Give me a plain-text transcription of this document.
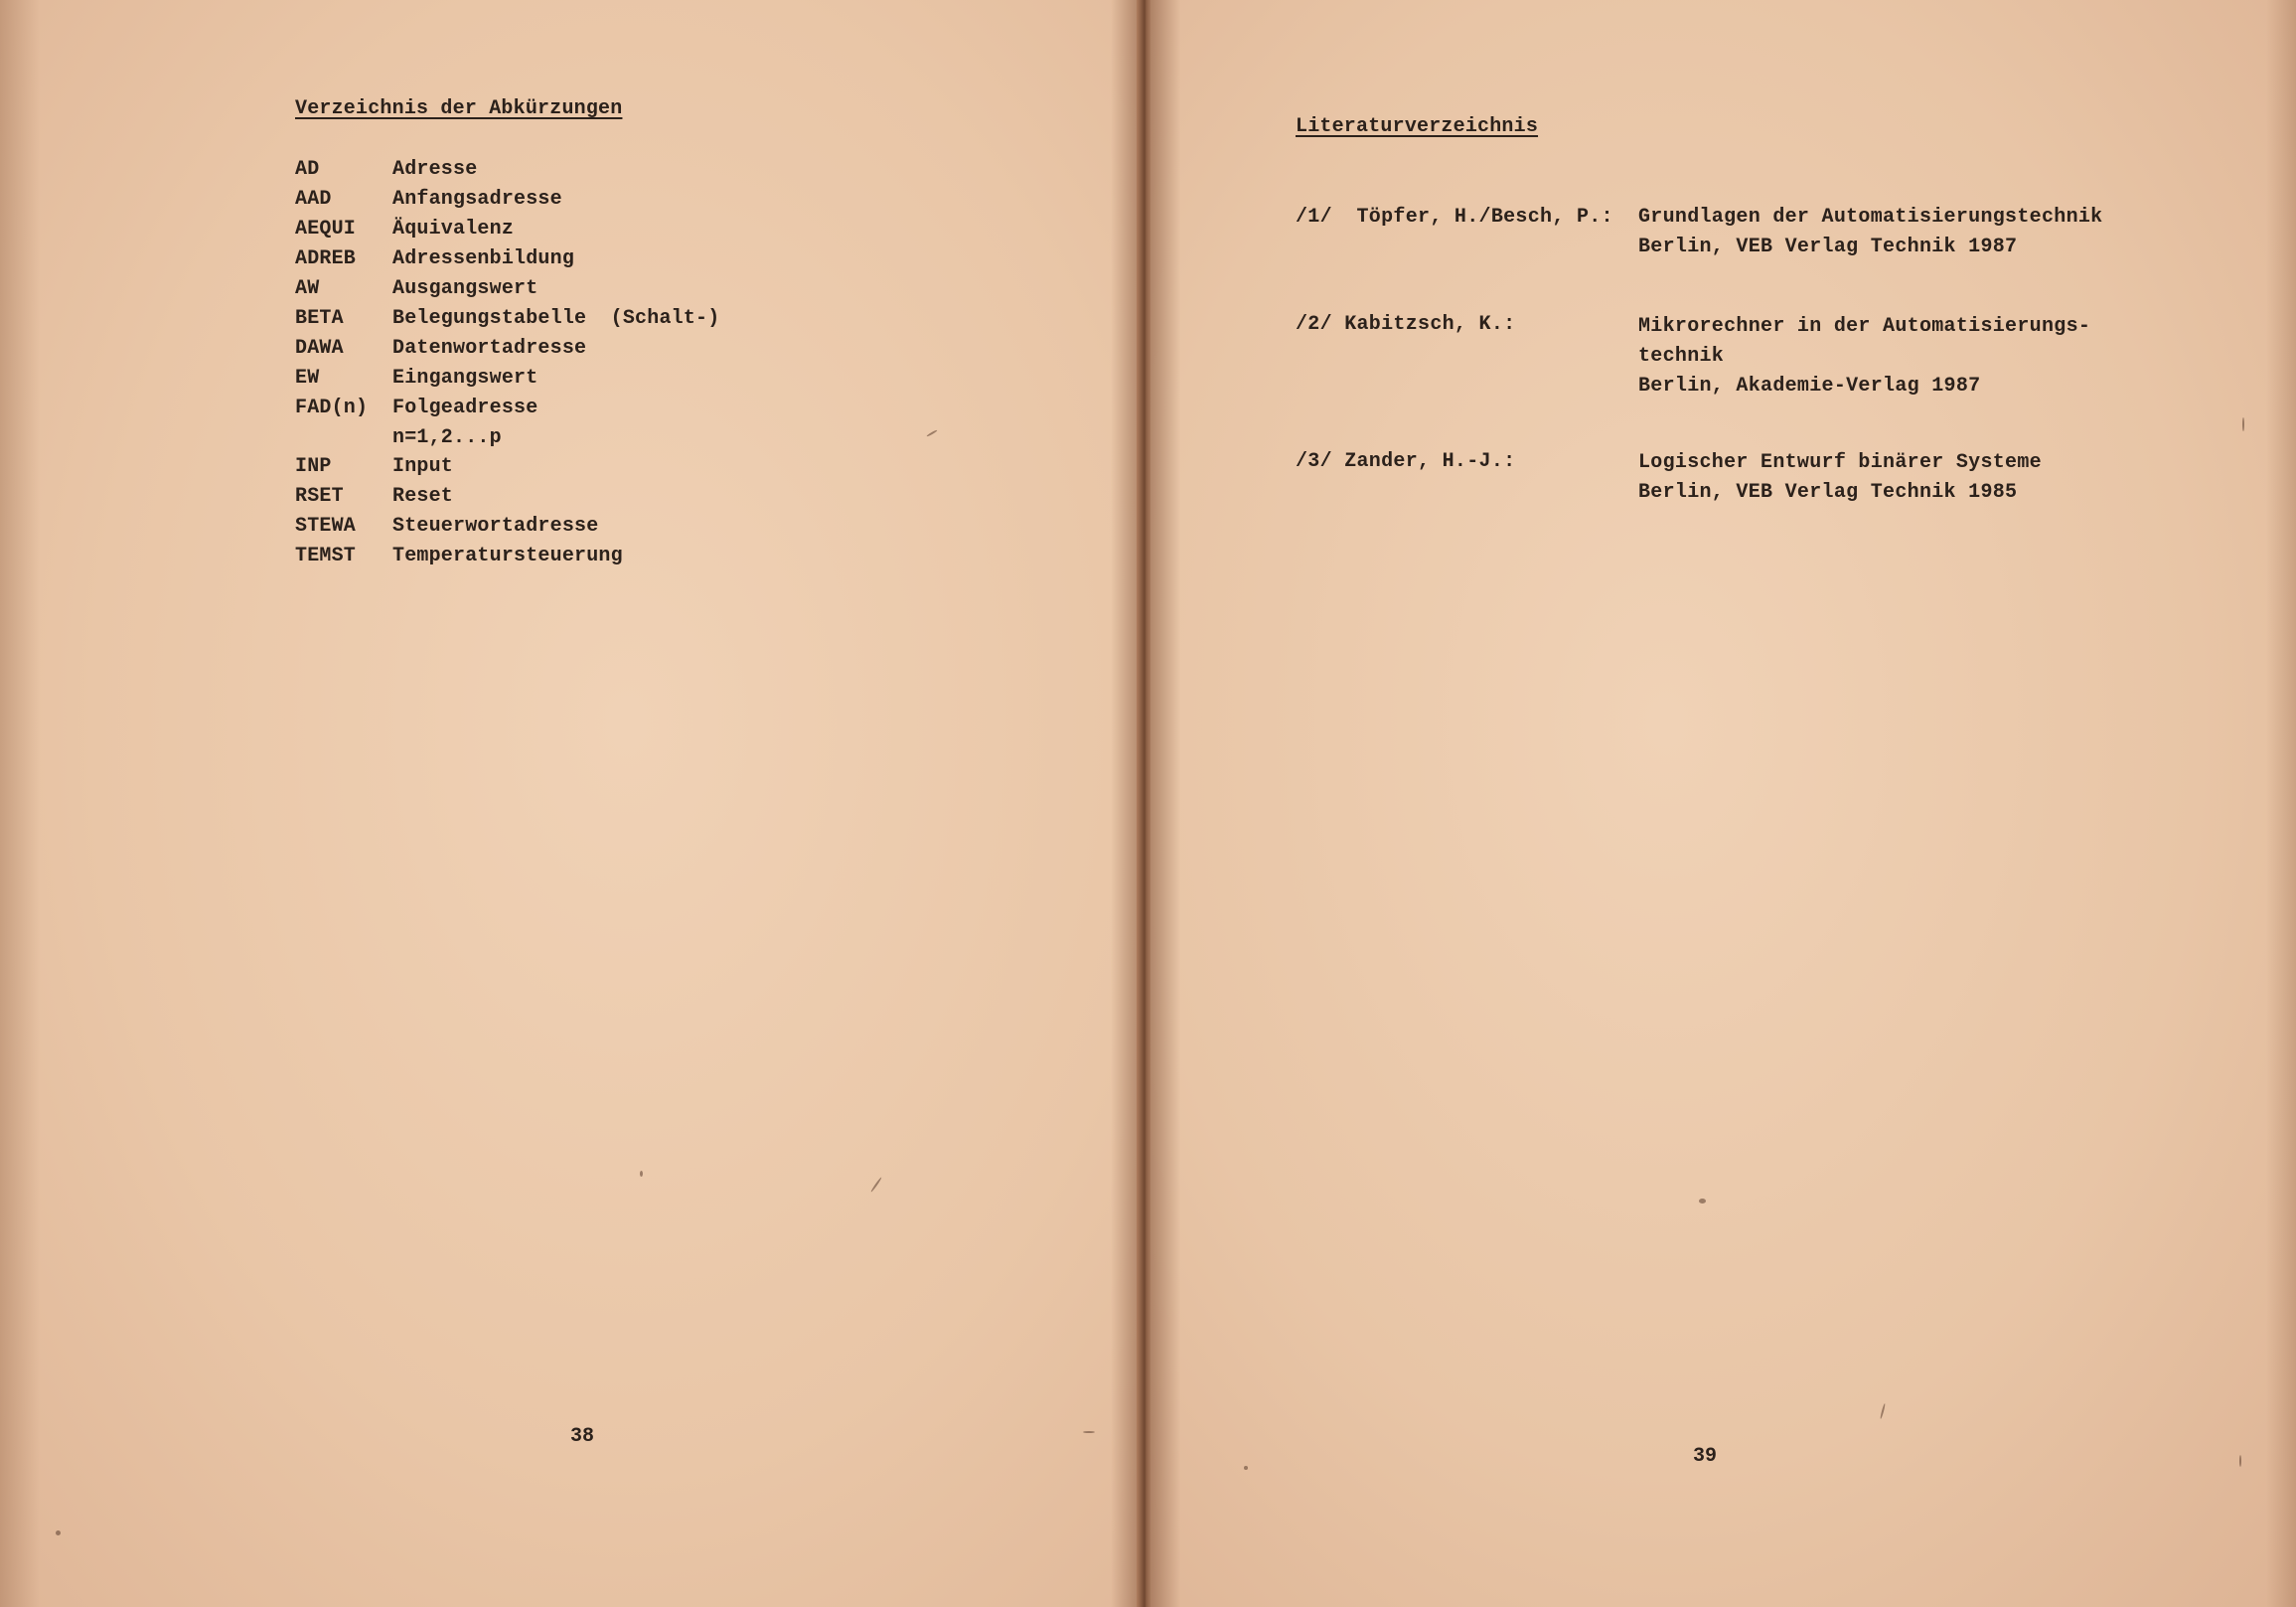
Verzeichnis der Abkürzungen
AD	Adresse
AAD	Anfangsadresse
AEQUI Äquivalenz
ADREB Adressenbildung
AW	Ausgangswert
BETA Belegungstabelle  (Schalt-)
DAWA Datenwortadresse
EW	Eingangswert
FAD(n) Folgeadresse
n=1,2...p
INP	Input
RSET Reset
STEWA Steuerwortadresse
TEMST Temperatursteuerung
38
Literaturverzeichnis
/1/  Töpfer, H./Besch, P.: Grundlagen der Automatisierungstechnik
Berlin, VEB Verlag Technik 1987
/2/ Kabitzsch, K.:	Mikrorechner in der Automatisierungs-
technik
Berlin, Akademie-Verlag 1987
/3/ Zander, H.-J.:	Logischer Entwurf binärer Systeme
Berlin, VEB Verlag Technik 1985
39
